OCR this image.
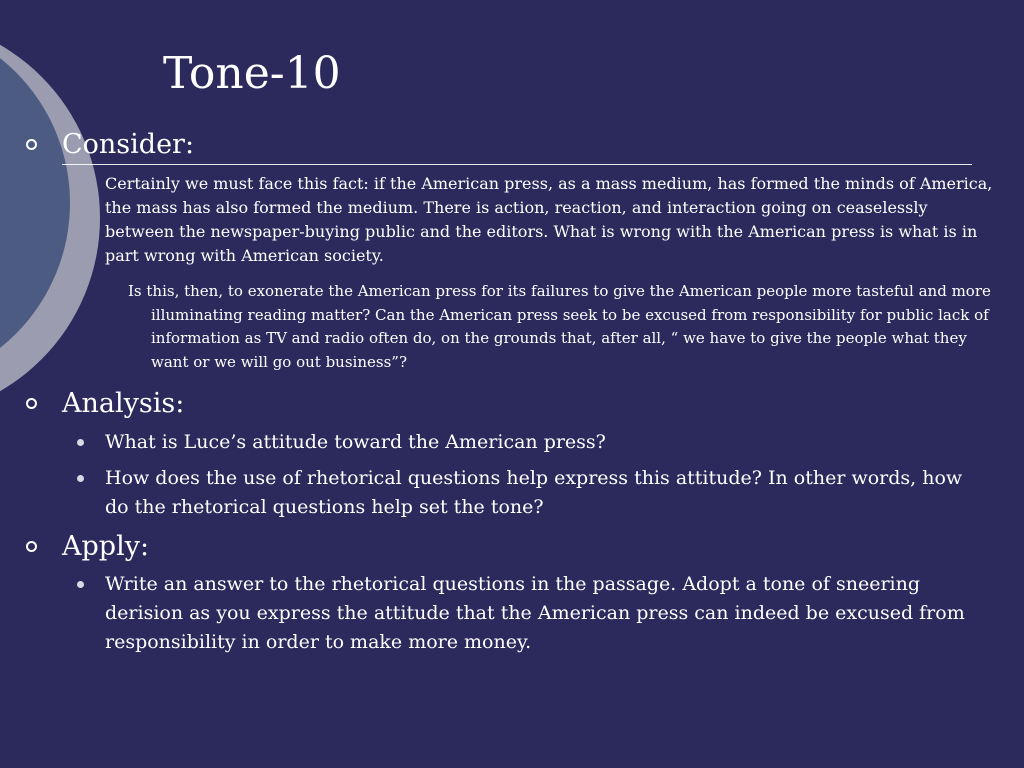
Tone-10
Consider:
Certainly we must face this fact: if the American press, as a mass medium, has formed the minds of America, the mass has also formed the medium. There is action, reaction, and interaction going on ceaselessly between the newspaper-buying public and the editors. What is wrong with the American press is what is in part wrong with American society.
Is this, then, to exonerate the American press for its failures to give the American people more tasteful and more illuminating reading matter? Can the American press seek to be excused from responsibility for public lack of information as TV and radio often do, on the grounds that, after all, “ we have to give the people what they want or we will go out business”?
Analysis:
What is Luce’s attitude toward the American press?
How does the use of rhetorical questions help express this attitude? In other words, how do the rhetorical questions help set the tone?
Apply:
Write an answer to the rhetorical questions in the passage. Adopt a tone of sneering derision as you express the attitude that the American press can indeed be excused from responsibility in order to make more money.
